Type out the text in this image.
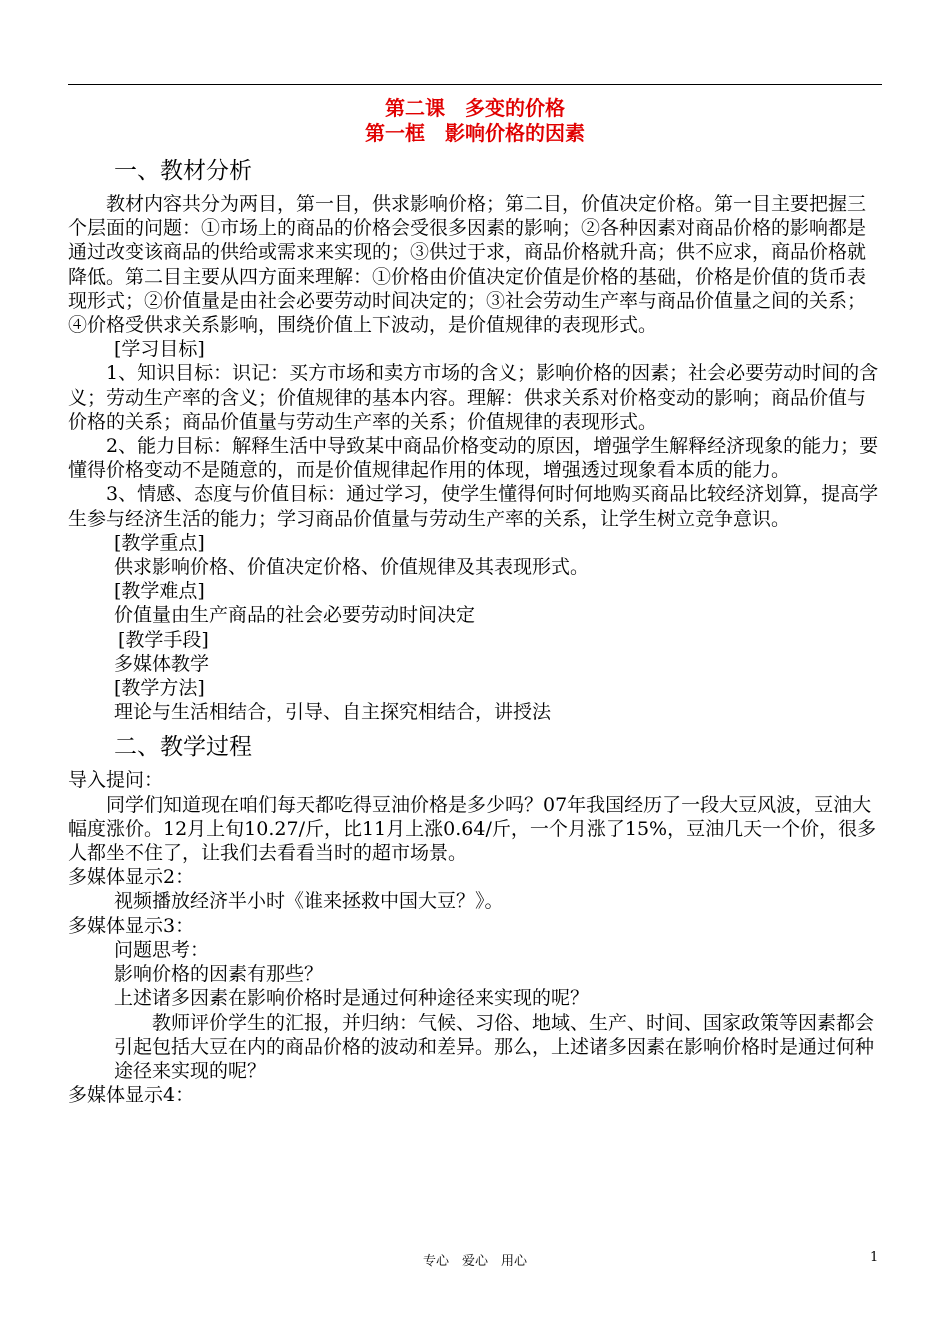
第二课　多变的价格
第一框　影响价格的因素
一、教材分析

教材内容共分为两目，第一目，供求影响价格；第二目，价值决定价格。第一目主要把握三个层面的问题：①市场上的商品的价格会受很多因素的影响；②各种因素对商品价格的影响都是通过改变该商品的供给或需求来实现的；③供过于求，商品价格就升高；供不应求，商品价格就降低。第二目主要从四方面来理解：①价格由价值决定价值是价格的基础，价格是价值的货币表现形式；②价值量是由社会必要劳动时间决定的；③社会劳动生产率与商品价值量之间的关系；④价格受供求关系影响，围绕价值上下波动，是价值规律的表现形式。

[学习目标]

1、知识目标：识记：买方市场和卖方市场的含义；影响价格的因素；社会必要劳动时间的含义；劳动生产率的含义；价值规律的基本内容。理解：供求关系对价格变动的影响；商品价值与价格的关系；商品价值量与劳动生产率的关系；价值规律的表现形式。

2、能力目标：解释生活中导致某中商品价格变动的原因，增强学生解释经济现象的能力；要懂得价格变动不是随意的，而是价值规律起作用的体现，增强透过现象看本质的能力。

3、情感、态度与价值目标：通过学习，使学生懂得何时何地购买商品比较经济划算，提高学生参与经济生活的能力；学习商品价值量与劳动生产率的关系，让学生树立竞争意识。

[教学重点]

供求影响价格、价值决定价格、价值规律及其表现形式。

[教学难点]

价值量由生产商品的社会必要劳动时间决定

[教学手段]

多媒体教学

[教学方法]

理论与生活相结合，引导、自主探究相结合，讲授法

二、教学过程

导入提问：

同学们知道现在咱们每天都吃得豆油价格是多少吗？07年我国经历了一段大豆风波，豆油大幅度涨价。12月上旬10.27/斤，比11月上涨0.64/斤，一个月涨了15%，豆油几天一个价，很多人都坐不住了，让我们去看看当时的超市场景。

多媒体显示2：

视频播放经济半小时《谁来拯救中国大豆？》。

多媒体显示3：

问题思考：

影响价格的因素有那些？

上述诸多因素在影响价格时是通过何种途径来实现的呢？

教师评价学生的汇报，并归纳：气候、习俗、地域、生产、时间、国家政策等因素都会引起包括大豆在内的商品价格的波动和差异。那么，上述诸多因素在影响价格时是通过何种途径来实现的呢？

多媒体显示4：

专心　爱心　用心	1
